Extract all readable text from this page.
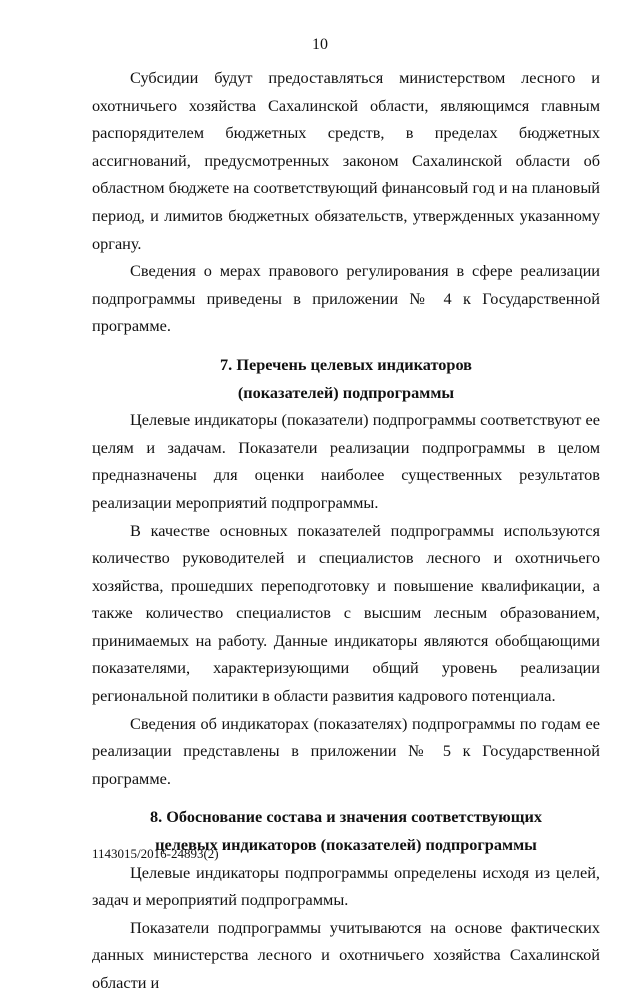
10

Субсидии будут предоставляться министерством лесного и охотничьего хозяйства Сахалинской области, являющимся главным распорядителем бюджетных средств, в пределах бюджетных ассигнований, предусмотренных законом Сахалинской области об областном бюджете на соответствующий финансовый год и на плановый период, и лимитов бюджетных обязательств, утвержденных указанному органу.

Сведения о мерах правового регулирования в сфере реализации подпрограммы приведены в приложении № 4 к Государственной программе.

7. Перечень целевых индикаторов

(показателей) подпрограммы

Целевые индикаторы (показатели) подпрограммы соответствуют ее целям и задачам. Показатели реализации подпрограммы в целом предназначены для оценки наиболее существенных результатов реализации мероприятий подпрограммы.

В качестве основных показателей подпрограммы используются количество руководителей и специалистов лесного и охотничьего хозяйства, прошедших переподготовку и повышение квалификации, а также количество специалистов с высшим лесным образованием, принимаемых на работу. Данные индикаторы являются обобщающими показателями, характеризующими общий уровень реализации региональной политики в области развития кадрового потенциала.

Сведения об индикаторах (показателях) подпрограммы по годам ее реализации представлены в приложении № 5 к Государственной программе.

8. Обоснование состава и значения соответствующих

целевых индикаторов (показателей) подпрограммы

Целевые индикаторы подпрограммы определены исходя из целей, задач и мероприятий подпрограммы.

Показатели подпрограммы учитываются на основе фактических данных министерства лесного и охотничьего хозяйства Сахалинской области и

1143015/2016-24893(2)
